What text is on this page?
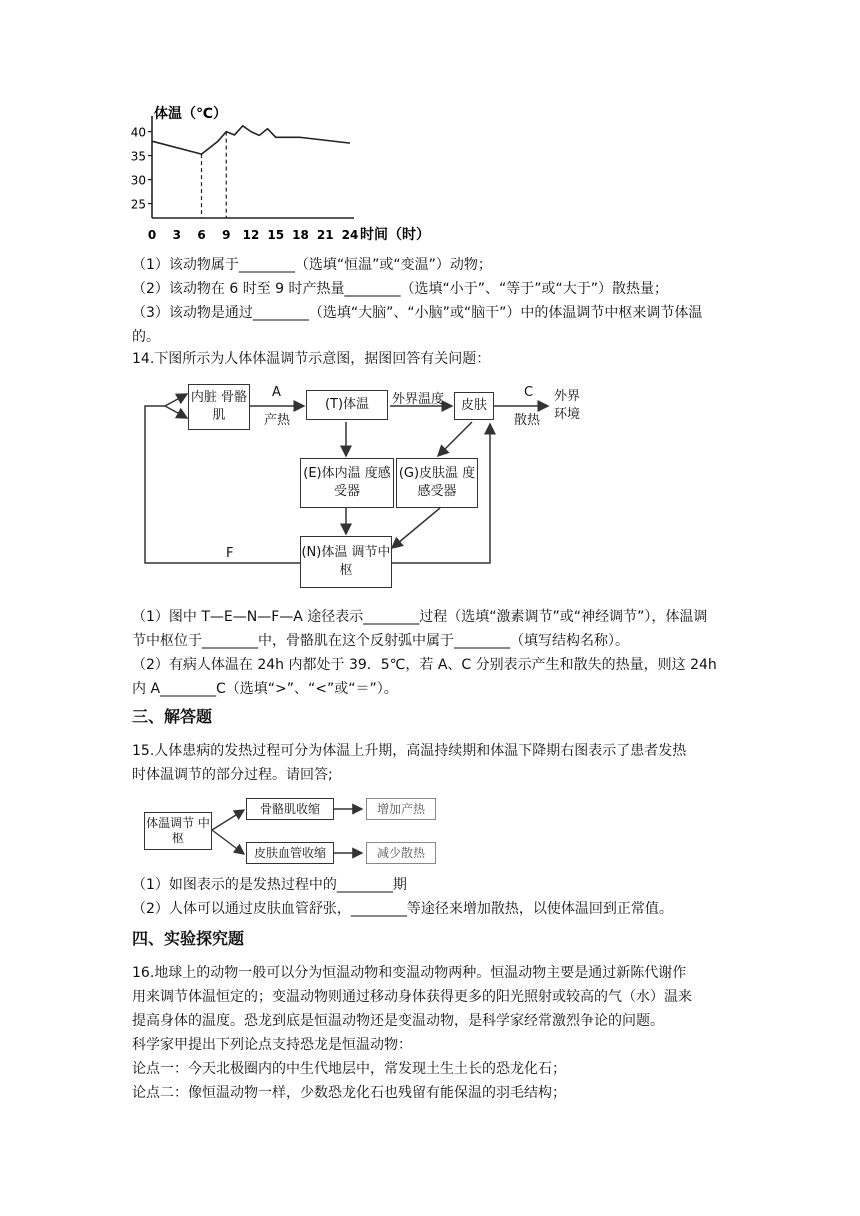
体温（℃）
时间（时）
40
35
30
25
0 3 6 9 12 15 18 21 24
（1）该动物属于________（选填“恒温”或“变温”）动物；
（2）该动物在 6 时至 9 时产热量________（选填“小于”、“等于”或“大于”）散热量；
（3）该动物是通过________（选填“大脑”、“小脑”或“脑干”）中的体温调节中枢来调节体温
的。
14.下图所示为人体体温调节示意图，据图回答有关问题：
内脏 骨骼肌
(T)体温	皮肤
(E)体内温 度感受器
(G)皮肤温 度感受器
(N)体温 调节中枢
外界 环境
A
产热
外界温度	C
散热
F
（1）图中 T—E—N—F—A 途径表示________过程（选填“激素调节”或“神经调节”），体温调
节中枢位于________中，骨骼肌在这个反射弧中属于________（填写结构名称）。
（2）有病人体温在 24h 内都处于 39．5℃，若 A、C 分别表示产生和散失的热量，则这 24h
内 A________C（选填“>”、“<”或“＝”）。
三、解答题
15.人体患病的发热过程可分为体温上升期，高温持续期和体温下降期右图表示了患者发热
时体温调节的部分过程。请回答;
体温调节 中枢
骨骼肌收缩
皮肤血管收缩
增加产热
减少散热
（1）如图表示的是发热过程中的________期
（2）人体可以通过皮肤血管舒张，________等途径来增加散热，以使体温回到正常值。
四、实验探究题
16.地球上的动物一般可以分为恒温动物和变温动物两种。恒温动物主要是通过新陈代谢作
用来调节体温恒定的；变温动物则通过移动身体获得更多的阳光照射或较高的气（水）温来
提高身体的温度。恐龙到底是恒温动物还是变温动物，是科学家经常激烈争论的问题。
科学家甲提出下列论点支持恐龙是恒温动物：
论点一：今天北极圈内的中生代地层中，常发现土生土长的恐龙化石；
论点二：像恒温动物一样，少数恐龙化石也残留有能保温的羽毛结构；
